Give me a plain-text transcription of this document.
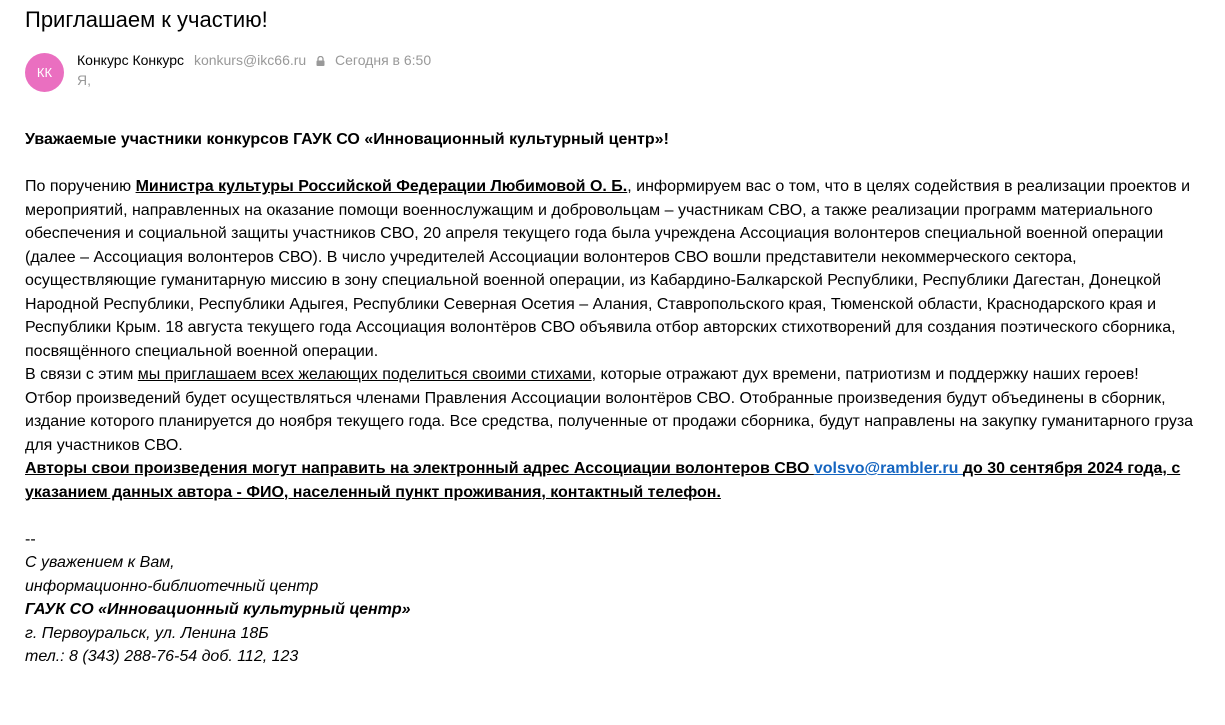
Приглашаем к участию!
КК
Конкурс Конкурс konkurs@ikc66.ru Сегодня в 6:50
Я,

Уважаемые участники конкурсов ГАУК СО «Инновационный культурный центр»!

По поручению Министра культуры Российской Федерации Любимовой О. Б., информируем вас о том, что в целях содействия в реализации проектов и мероприятий, направленных на оказание помощи военнослужащим и добровольцам – участникам СВО, а также реализации программ материального обеспечения и социальной защиты участников СВО, 20 апреля текущего года была учреждена Ассоциация волонтеров специальной военной операции (далее – Ассоциация волонтеров СВО). В число учредителей Ассоциации волонтеров СВО вошли представители некоммерческого сектора, осуществляющие гуманитарную миссию в зону специальной военной операции, из Кабардино-Балкарской Республики, Республики Дагестан, Донецкой Народной Республики, Республики Адыгея, Республики Северная Осетия – Алания, Ставропольского края, Тюменской области, Краснодарского края и Республики Крым. 18 августа текущего года Ассоциация волонтёров СВО объявила отбор авторских стихотворений для создания поэтического сборника, посвящённого специальной военной операции.

В связи с этим мы приглашаем всех желающих поделиться своими стихами, которые отражают дух времени, патриотизм и поддержку наших героев!

Отбор произведений будет осуществляться членами Правления Ассоциации волонтёров СВО. Отобранные произведения будут объединены в сборник, издание которого планируется до ноября текущего года. Все средства, полученные от продажи сборника, будут направлены на закупку гуманитарного груза для участников СВО.

Авторы свои произведения могут направить на электронный адрес Ассоциации волонтеров СВО volsvo@rambler.ru до 30 сентября 2024 года, с указанием данных автора - ФИО, населенный пункт проживания, контактный телефон.

--

С уважением к Вам,

информационно-библиотечный центр

ГАУК СО «Инновационный культурный центр»

г. Первоуральск, ул. Ленина 18Б

тел.: 8 (343) 288-76-54 доб. 112, 123
